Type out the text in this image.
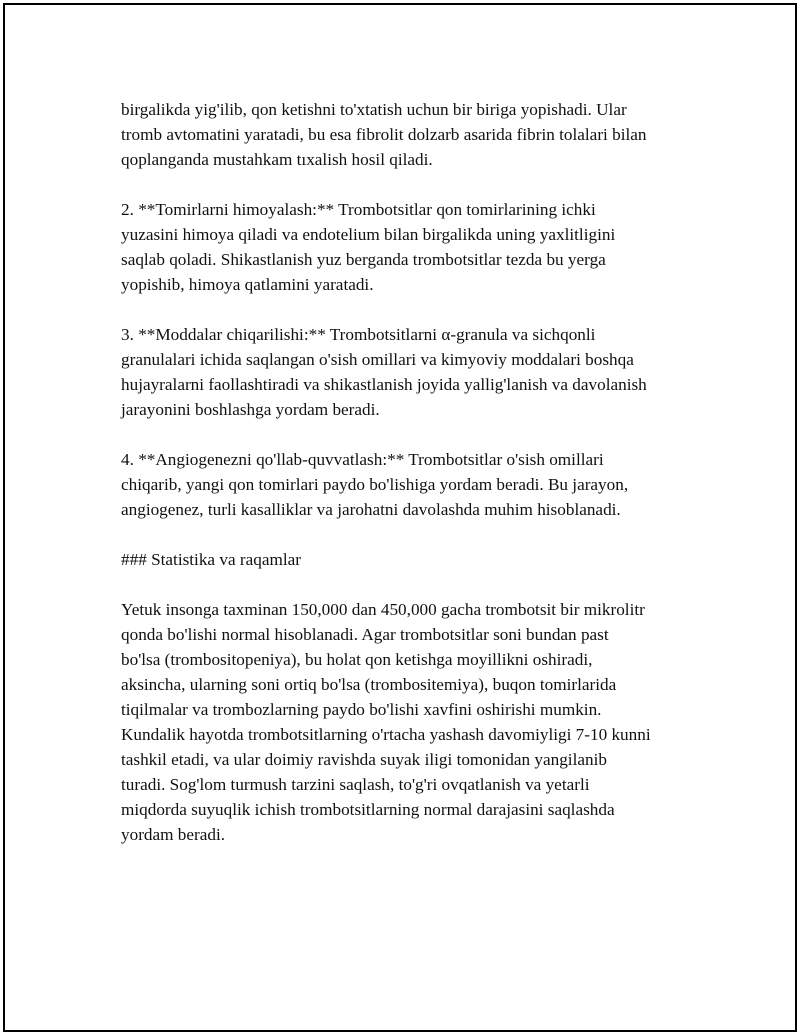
birgalikda yig'ilib, qon ketishni to'xtatish uchun bir biriga yopishadi. Ular
tromb avtomatini yaratadi, bu esa fibrolit dolzarb asarida fibrin tolalari bilan
qoplanganda mustahkam tıxalish hosil qiladi.

2. **Tomirlarni himoyalash:** Trombotsitlar qon tomirlarining ichki
yuzasini himoya qiladi va endotelium bilan birgalikda uning yaxlitligini
saqlab qoladi. Shikastlanish yuz berganda trombotsitlar tezda bu yerga
yopishib, himoya qatlamini yaratadi.

3. **Moddalar chiqarilishi:** Trombotsitlarni α-granula va sichqonli
granulalari ichida saqlangan o'sish omillari va kimyoviy moddalari boshqa
hujayralarni faollashtiradi va shikastlanish joyida yallig'lanish va davolanish
jarayonini boshlashga yordam beradi.

4. **Angiogenezni qo'llab-quvvatlash:** Trombotsitlar o'sish omillari
chiqarib, yangi qon tomirlari paydo bo'lishiga yordam beradi. Bu jarayon,
angiogenez, turli kasalliklar va jarohatni davolashda muhim hisoblanadi.

### Statistika va raqamlar

Yetuk insonga taxminan 150,000 dan 450,000 gacha trombotsit bir mikrolitr
qonda bo'lishi normal hisoblanadi. Agar trombotsitlar soni bundan past
bo'lsa (trombositopeniya), bu holat qon ketishga moyillikni oshiradi,
aksincha, ularning soni ortiq bo'lsa (trombositemiya), buqon tomirlarida
tiqilmalar va trombozlarning paydo bo'lishi xavfini oshirishi mumkin.
Kundalik hayotda trombotsitlarning o'rtacha yashash davomiyligi 7-10 kunni
tashkil etadi, va ular doimiy ravishda suyak iligi tomonidan yangilanib
turadi. Sog'lom turmush tarzini saqlash, to'g'ri ovqatlanish va yetarli
miqdorda suyuqlik ichish trombotsitlarning normal darajasini saqlashda
yordam beradi.
